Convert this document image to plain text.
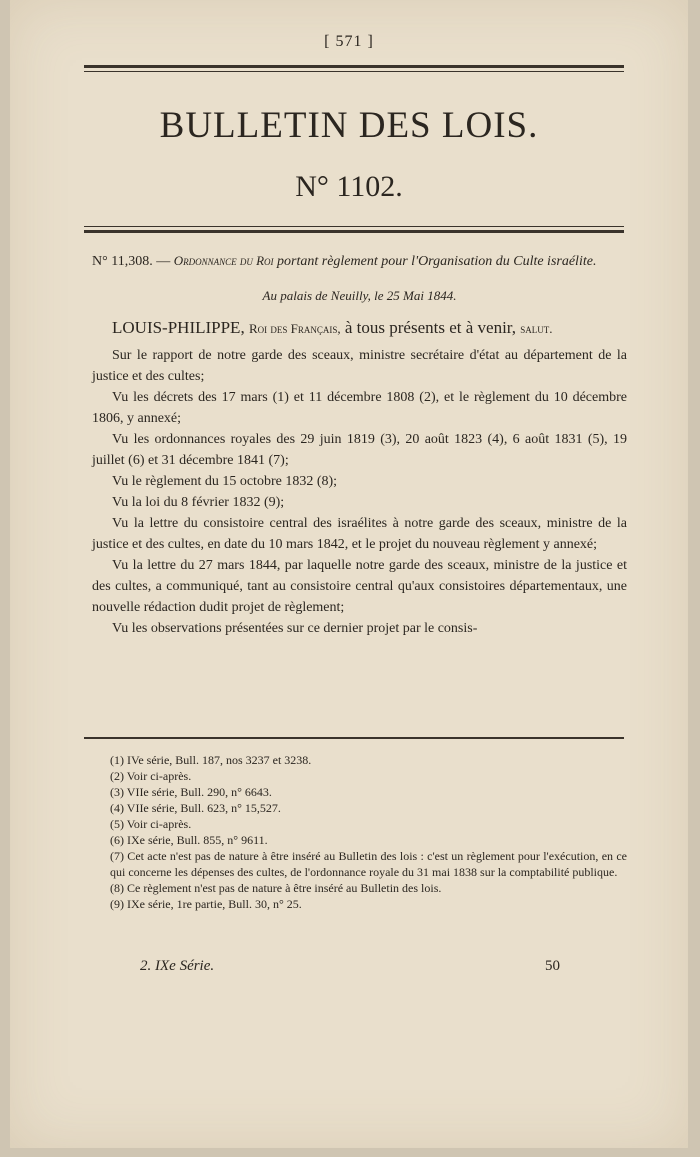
[ 571 ]
BULLETIN DES LOIS.
N° 1102.

N° 11,308. — Ordonnance du Roi portant règlement pour l'Organisation du Culte israélite.

Au palais de Neuilly, le 25 Mai 1844.

LOUIS-PHILIPPE, Roi des Français, à tous présents et à venir, salut.

Sur le rapport de notre garde des sceaux, ministre secrétaire d'état au département de la justice et des cultes;

Vu les décrets des 17 mars (1) et 11 décembre 1808 (2), et le règlement du 10 décembre 1806, y annexé;

Vu les ordonnances royales des 29 juin 1819 (3), 20 août 1823 (4), 6 août 1831 (5), 19 juillet (6) et 31 décembre 1841 (7);

Vu le règlement du 15 octobre 1832 (8);

Vu la loi du 8 février 1832 (9);

Vu la lettre du consistoire central des israélites à notre garde des sceaux, ministre de la justice et des cultes, en date du 10 mars 1842, et le projet du nouveau règlement y annexé;

Vu la lettre du 27 mars 1844, par laquelle notre garde des sceaux, ministre de la justice et des cultes, a communiqué, tant au consistoire central qu'aux consistoires départementaux, une nouvelle rédaction dudit projet de règlement;

Vu les observations présentées sur ce dernier projet par le consis-

(1) IVe série, Bull. 187, nos 3237 et 3238.
(2) Voir ci-après.
(3) VIIe série, Bull. 290, n° 6643.
(4) VIIe série, Bull. 623, n° 15,527.
(5) Voir ci-après.
(6) IXe série, Bull. 855, n° 9611.
(7) Cet acte n'est pas de nature à être inséré au Bulletin des lois : c'est un règlement pour l'exécution, en ce qui concerne les dépenses des cultes, de l'ordonnance royale du 31 mai 1838 sur la comptabilité publique.
(8) Ce règlement n'est pas de nature à être inséré au Bulletin des lois.
(9) IXe série, 1re partie, Bull. 30, n° 25.
2. IXe Série.	50
